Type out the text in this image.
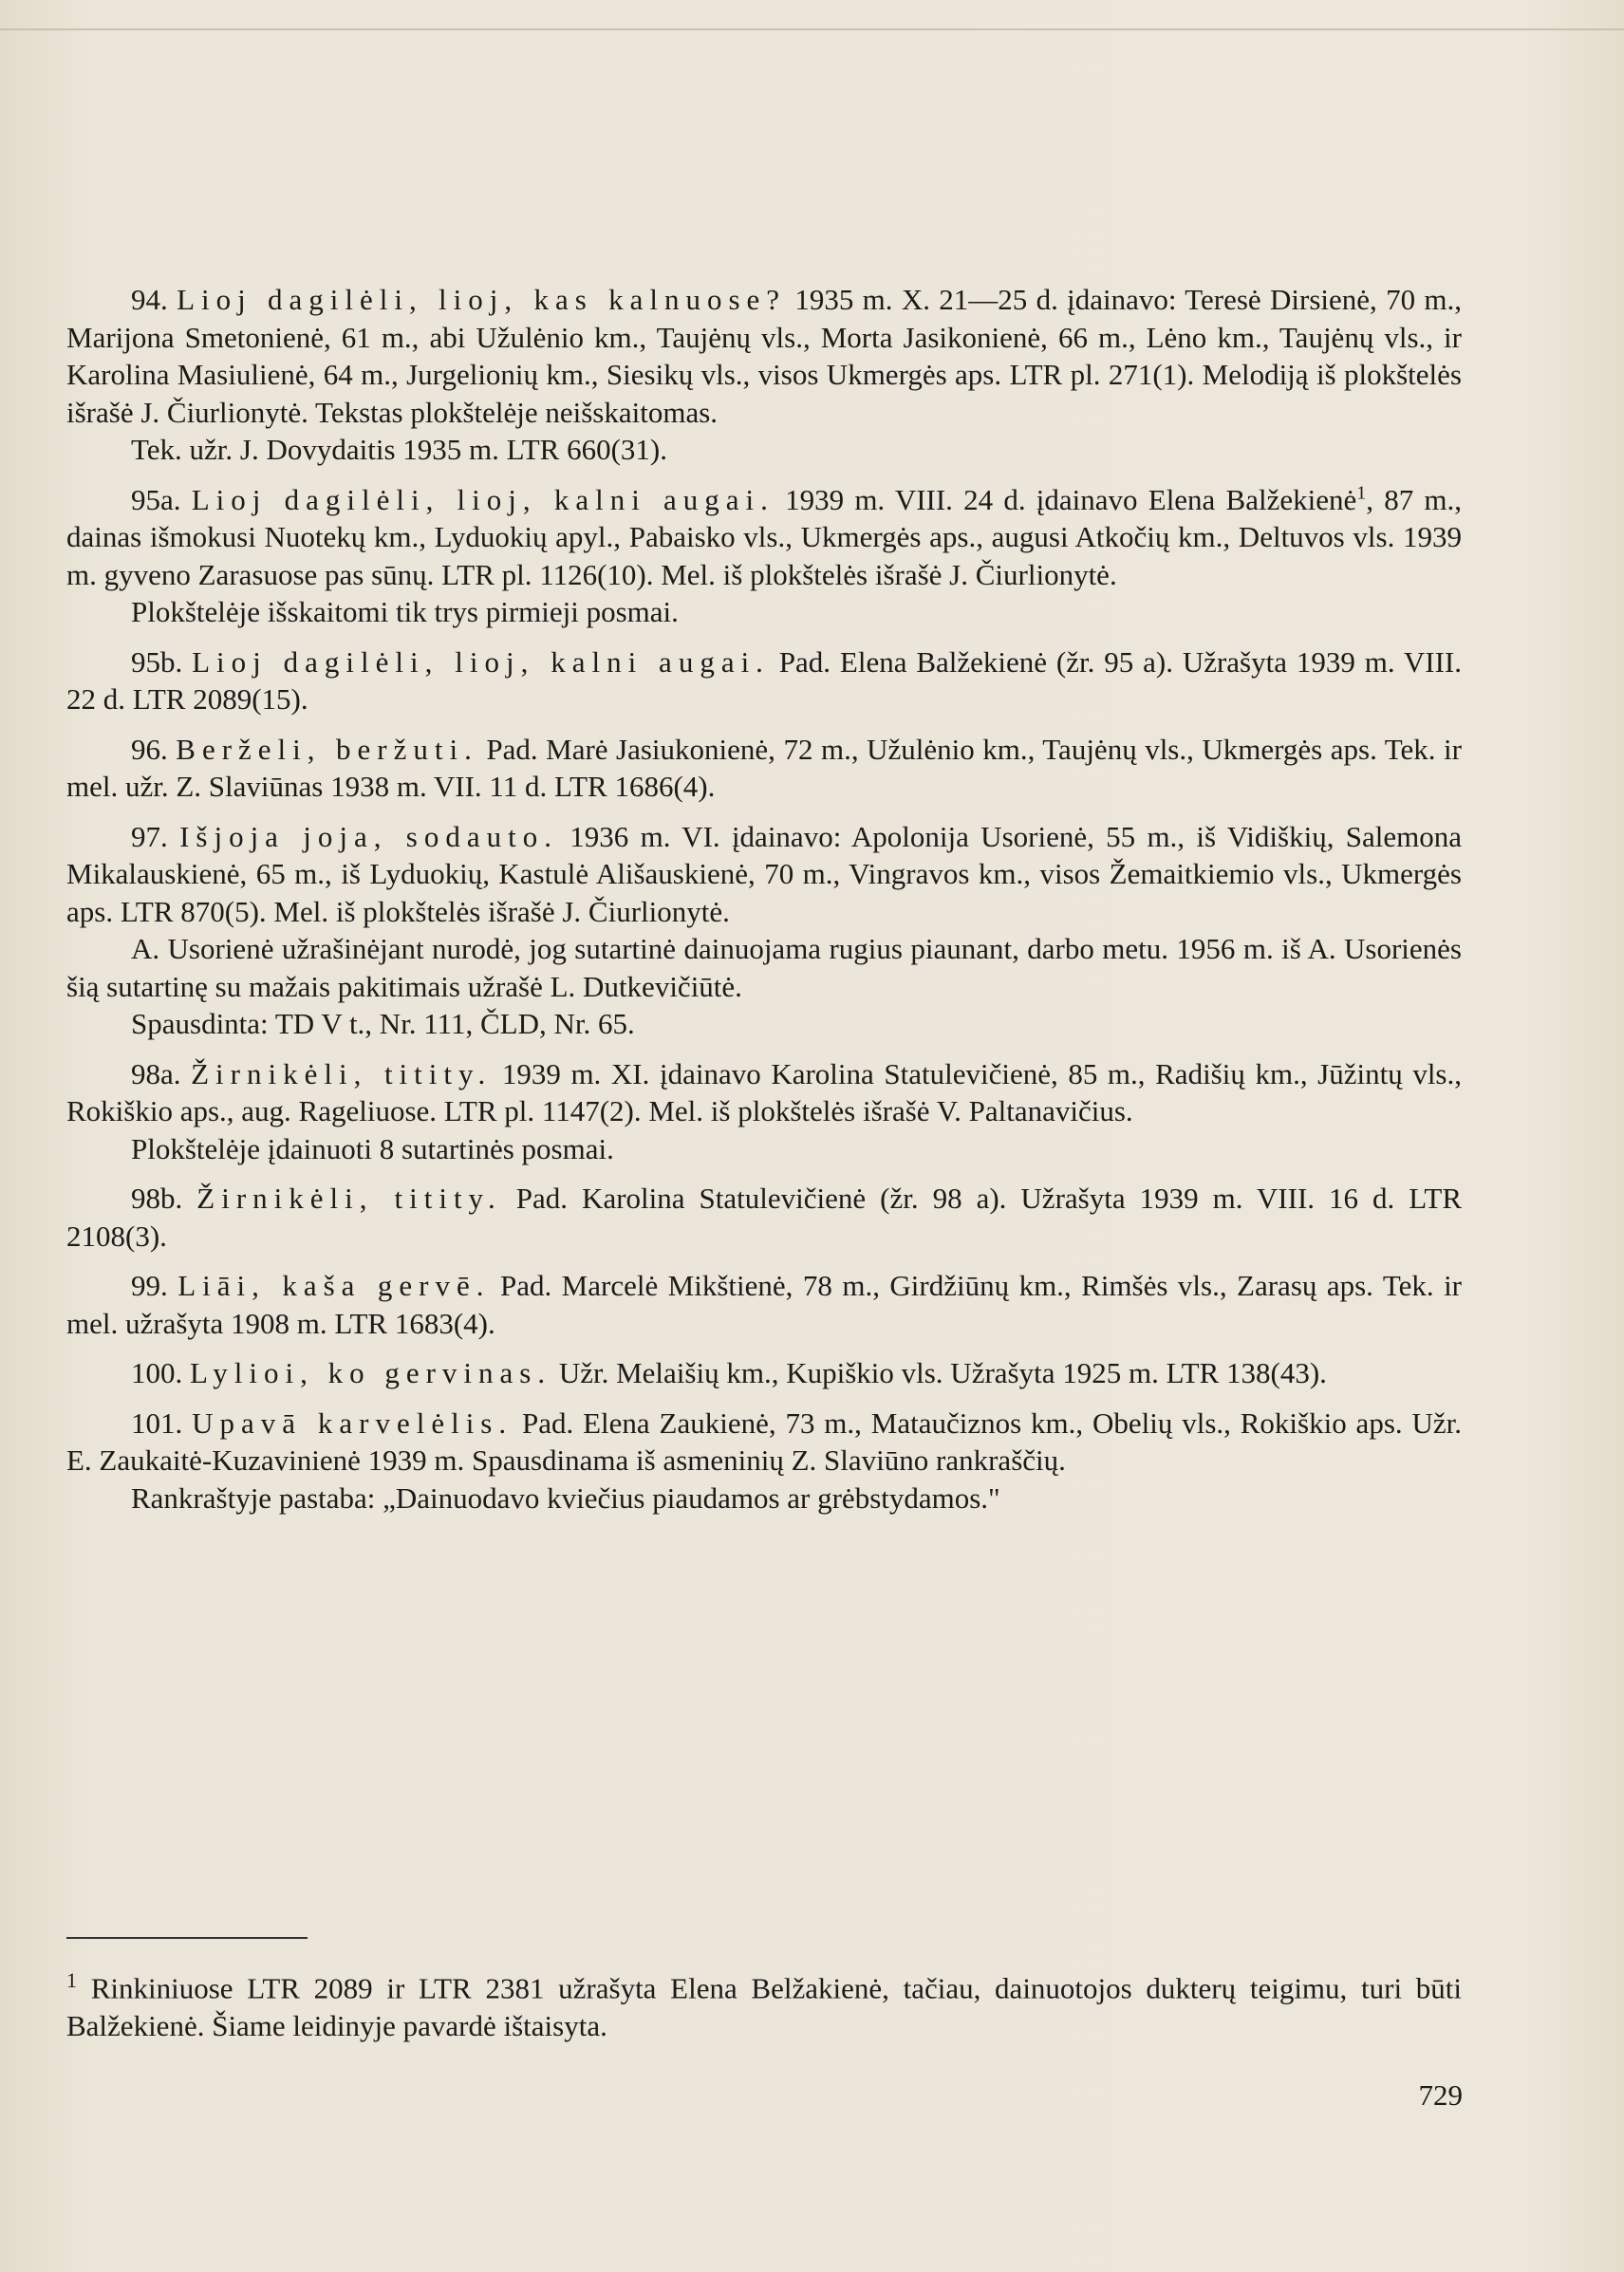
94. Lioj dagilėli, lioj, kas kalnuose? 1935 m. X. 21—25 d. įdainavo: Teresė Dirsienė, 70 m., Marijona Smetonienė, 61 m., abi Užulėnio km., Taujėnų vls., Morta Jasikonienė, 66 m., Lėno km., Taujėnų vls., ir Karolina Masiulienė, 64 m., Jurgelionių km., Siesikų vls., visos Ukmergės aps. LTR pl. 271(1). Melodiją iš plokštelės išrašė J. Čiurlionytė. Tekstas plokštelėje neišskaitomas.

Tek. užr. J. Dovydaitis 1935 m. LTR 660(31).

95a. Lioj dagilėli, lioj, kalni augai. 1939 m. VIII. 24 d. įdainavo Elena Balžekienė$^1$, 87 m., dainas išmokusi Nuotekų km., Lyduokių apyl., Pabaisko vls., Ukmergės aps., augusi Atkočių km., Deltuvos vls. 1939 m. gyveno Zarasuose pas sūnų. LTR pl. 1126(10). Mel. iš plokštelės išrašė J. Čiurlionytė.

Plokštelėje išskaitomi tik trys pirmieji posmai.

95b. Lioj dagilėli, lioj, kalni augai. Pad. Elena Balžekienė (žr. 95 a). Užrašyta 1939 m. VIII. 22 d. LTR 2089(15).

96. Berželi, beržuti. Pad. Marė Jasiukonienė, 72 m., Užulėnio km., Taujėnų vls., Ukmergės aps. Tek. ir mel. užr. Z. Slaviūnas 1938 m. VII. 11 d. LTR 1686(4).

97. Išjoja joja, sodauto. 1936 m. VI. įdainavo: Apolonija Usorienė, 55 m., iš Vidiškių, Salemona Mikalauskienė, 65 m., iš Lyduokių, Kastulė Ališauskienė, 70 m., Vingravos km., visos Žemaitkiemio vls., Ukmergės aps. LTR 870(5). Mel. iš plokštelės išrašė J. Čiurlionytė.

A. Usorienė užrašinėjant nurodė, jog sutartinė dainuojama rugius piaunant, darbo metu. 1956 m. iš A. Usorienės šią sutartinę su mažais pakitimais užrašė L. Dutkevičiūtė.

Spausdinta: TD V t., Nr. 111, ČLD, Nr. 65.

98a. Žirnikėli, titity. 1939 m. XI. įdainavo Karolina Statulevičienė, 85 m., Radišių km., Jūžintų vls., Rokiškio aps., aug. Rageliuose. LTR pl. 1147(2). Mel. iš plokštelės išrašė V. Paltanavičius.

Plokštelėje įdainuoti 8 sutartinės posmai.

98b. Žirnikėli, titity. Pad. Karolina Statulevičienė (žr. 98 a). Užrašyta 1939 m. VIII. 16 d. LTR 2108(3).

99. Liāi, kaša gervē. Pad. Marcelė Mikštienė, 78 m., Girdžiūnų km., Rimšės vls., Zarasų aps. Tek. ir mel. užrašyta 1908 m. LTR 1683(4).

100. Lylioi, ko gervinas. Užr. Melaišių km., Kupiškio vls. Užrašyta 1925 m. LTR 138(43).

101. Upavā karvelėlis. Pad. Elena Zaukienė, 73 m., Matаučiznos km., Obelių vls., Rokiškio aps. Užr. E. Zaukaitė-Kuzavinienė 1939 m. Spausdinama iš asmeninių Z. Slaviūno rankraščių.

Rankraštyje pastaba: „Dainuodavo kviečius piaudamos ar grėbstydamos."

$^1$ Rinkiniuose LTR 2089 ir LTR 2381 užrašyta Elena Belžakienė, tačiau, dainuotojos dukterų teigimu, turi būti Balžekienė. Šiame leidinyje pavardė ištaisyta.
729
